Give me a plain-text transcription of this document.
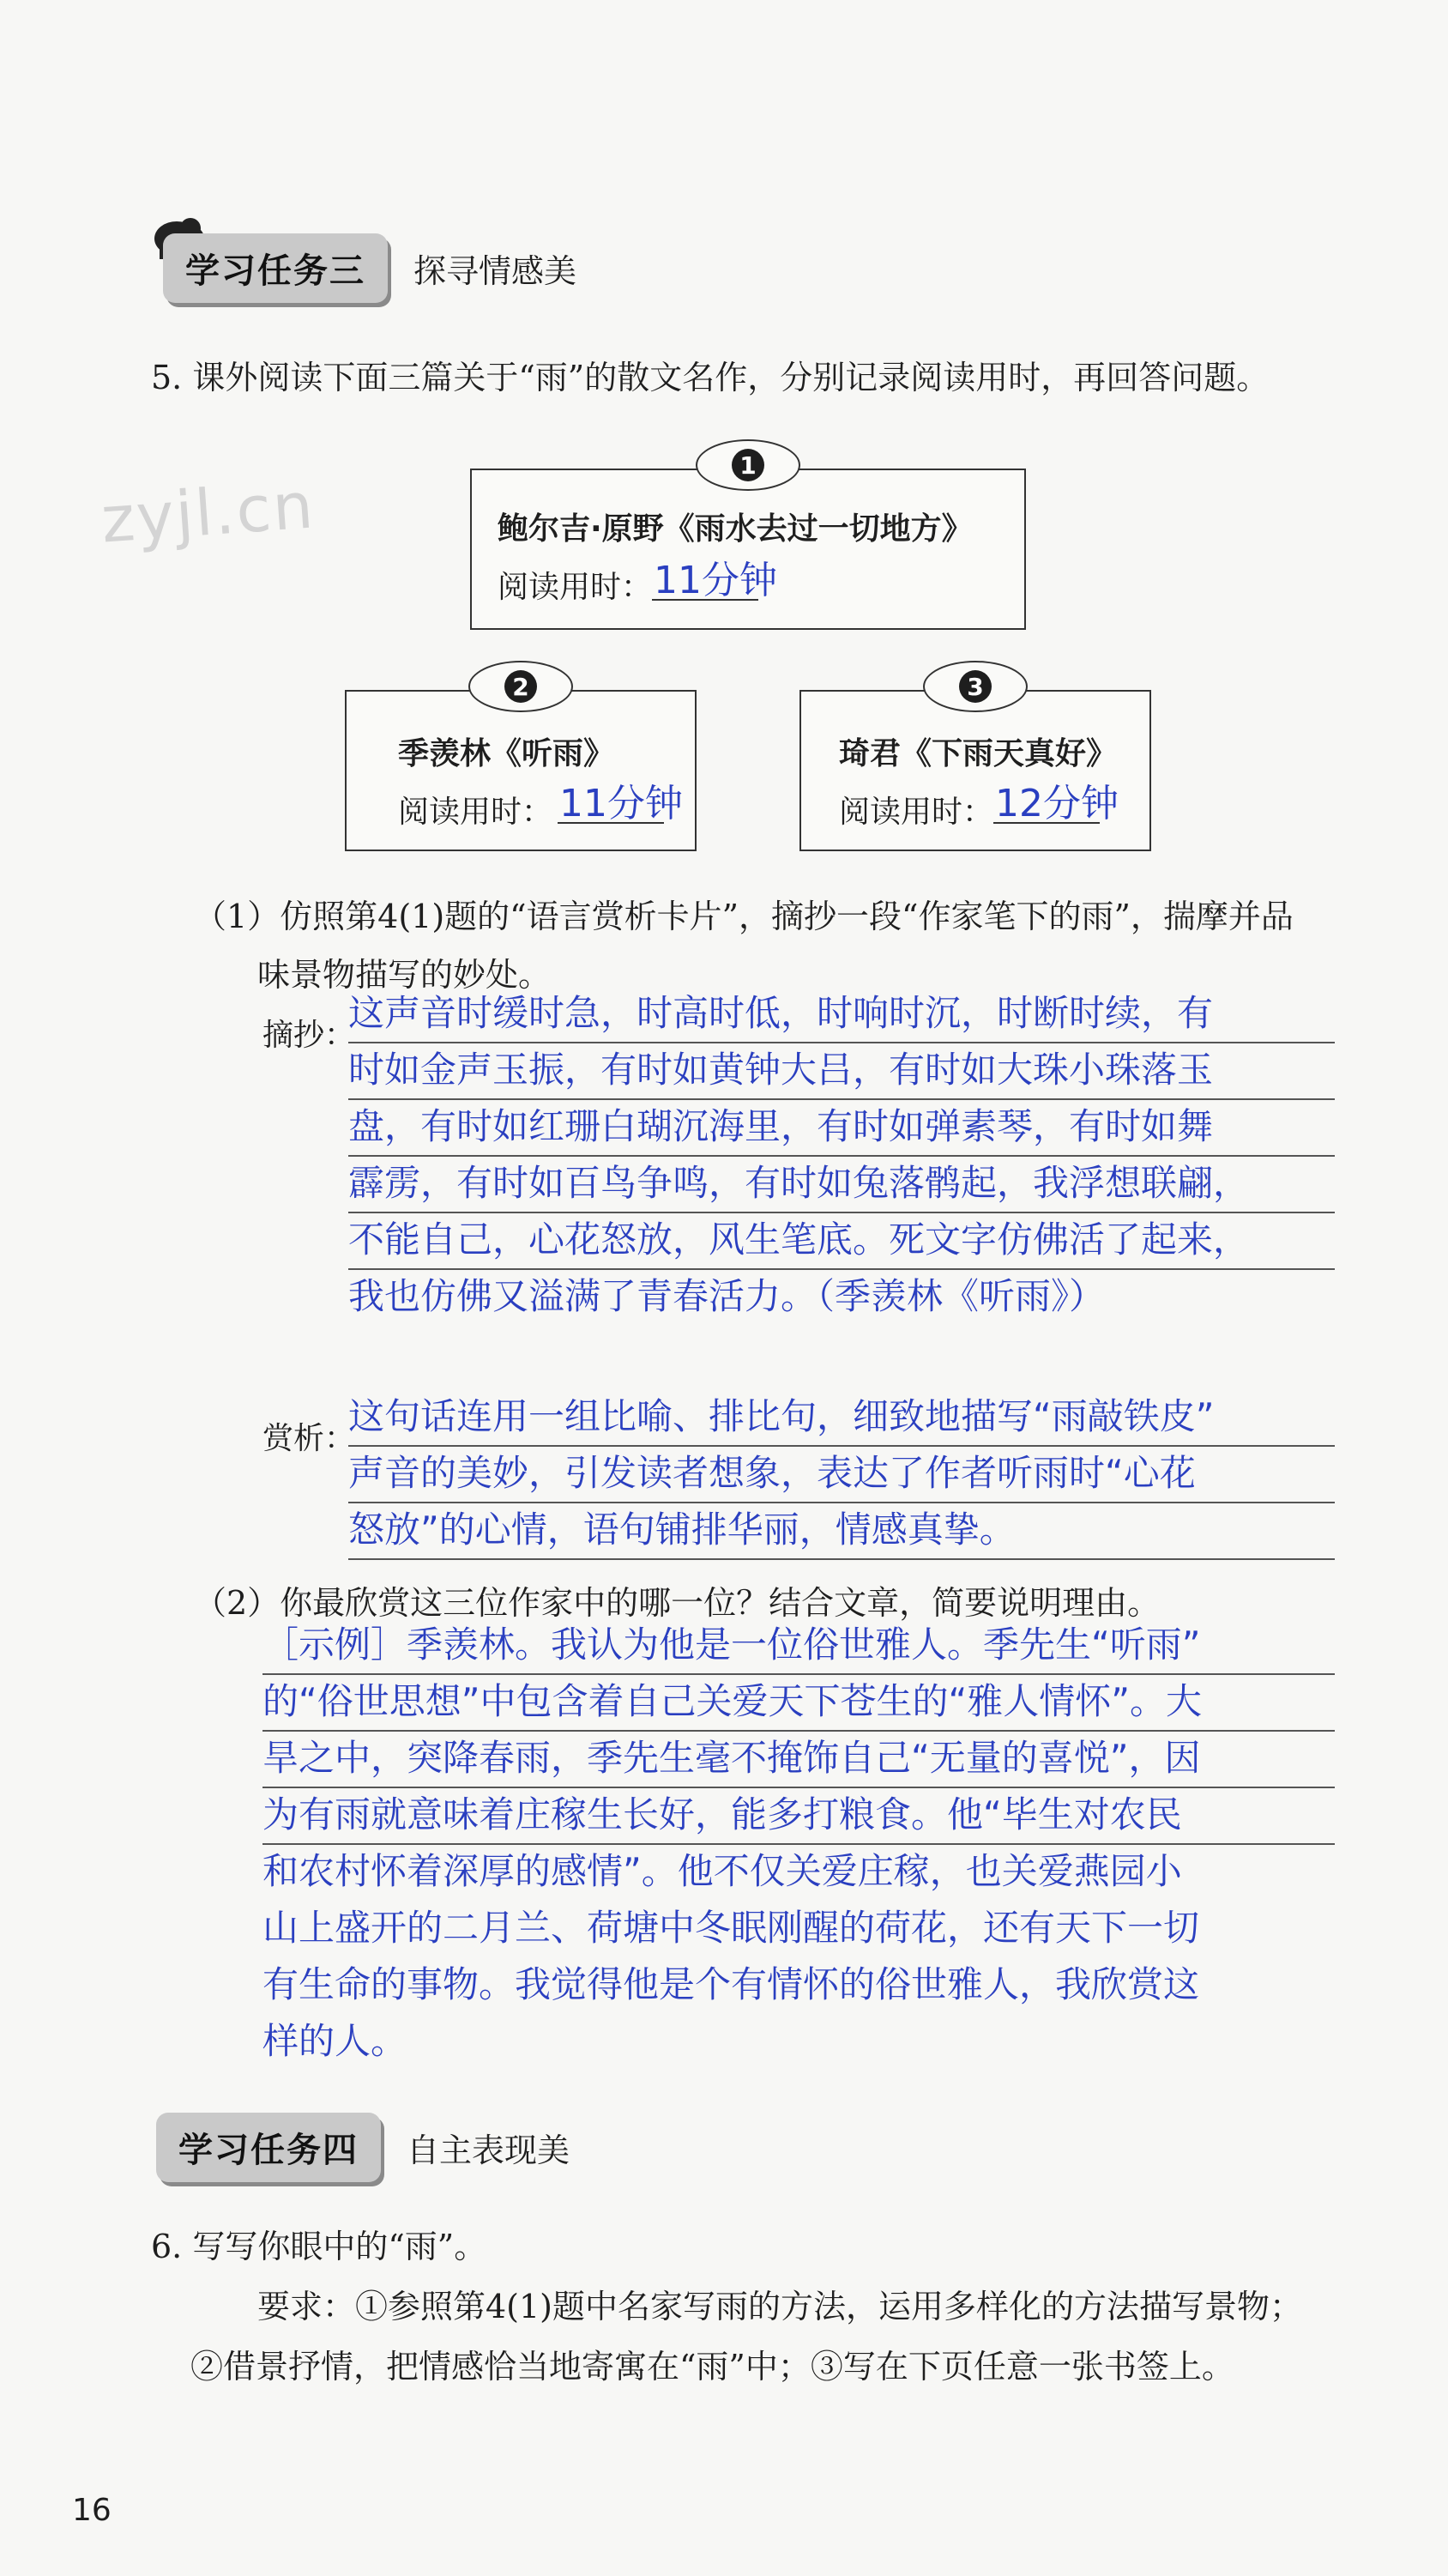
zyjl.cn
学习任务三	探寻情感美
5. 课外阅读下面三篇关于“雨”的散文名作，分别记录阅读用时，再回答问题。
1
鲍尔吉·原野《雨水去过一切地方》
阅读用时： 11分钟
2
季羡林《听雨》
阅读用时： 11分钟
3
琦君《下雨天真好》
阅读用时： 12分钟
（1）仿照第4(1)题的“语言赏析卡片”，摘抄一段“作家笔下的雨”，揣摩并品
味景物描写的妙处。
摘抄：
这声音时缓时急，时高时低，时响时沉，时断时续，有
时如金声玉振，有时如黄钟大吕，有时如大珠小珠落玉
盘，有时如红珊白瑚沉海里，有时如弹素琴，有时如舞
霹雳，有时如百鸟争鸣，有时如兔落鹘起，我浮想联翩，
不能自己，心花怒放，风生笔底。死文字仿佛活了起来，
我也仿佛又溢满了青春活力。（季羡林《听雨》）
赏析：
这句话连用一组比喻、排比句，细致地描写“雨敲铁皮”
声音的美妙，引发读者想象，表达了作者听雨时“心花
怒放”的心情，语句铺排华丽，情感真挚。
（2）你最欣赏这三位作家中的哪一位？结合文章，简要说明理由。
［示例］季羡林。我认为他是一位俗世雅人。季先生“听雨”
的“俗世思想”中包含着自己关爱天下苍生的“雅人情怀”。大
旱之中，突降春雨，季先生毫不掩饰自己“无量的喜悦”，因
为有雨就意味着庄稼生长好，能多打粮食。他“毕生对农民
和农村怀着深厚的感情”。他不仅关爱庄稼，也关爱燕园小
山上盛开的二月兰、荷塘中冬眠刚醒的荷花，还有天下一切
有生命的事物。我觉得他是个有情怀的俗世雅人，我欣赏这
样的人。
学习任务四	自主表现美
6. 写写你眼中的“雨”。
要求：①参照第4(1)题中名家写雨的方法，运用多样化的方法描写景物；
②借景抒情，把情感恰当地寄寓在“雨”中；③写在下页任意一张书签上。
16
